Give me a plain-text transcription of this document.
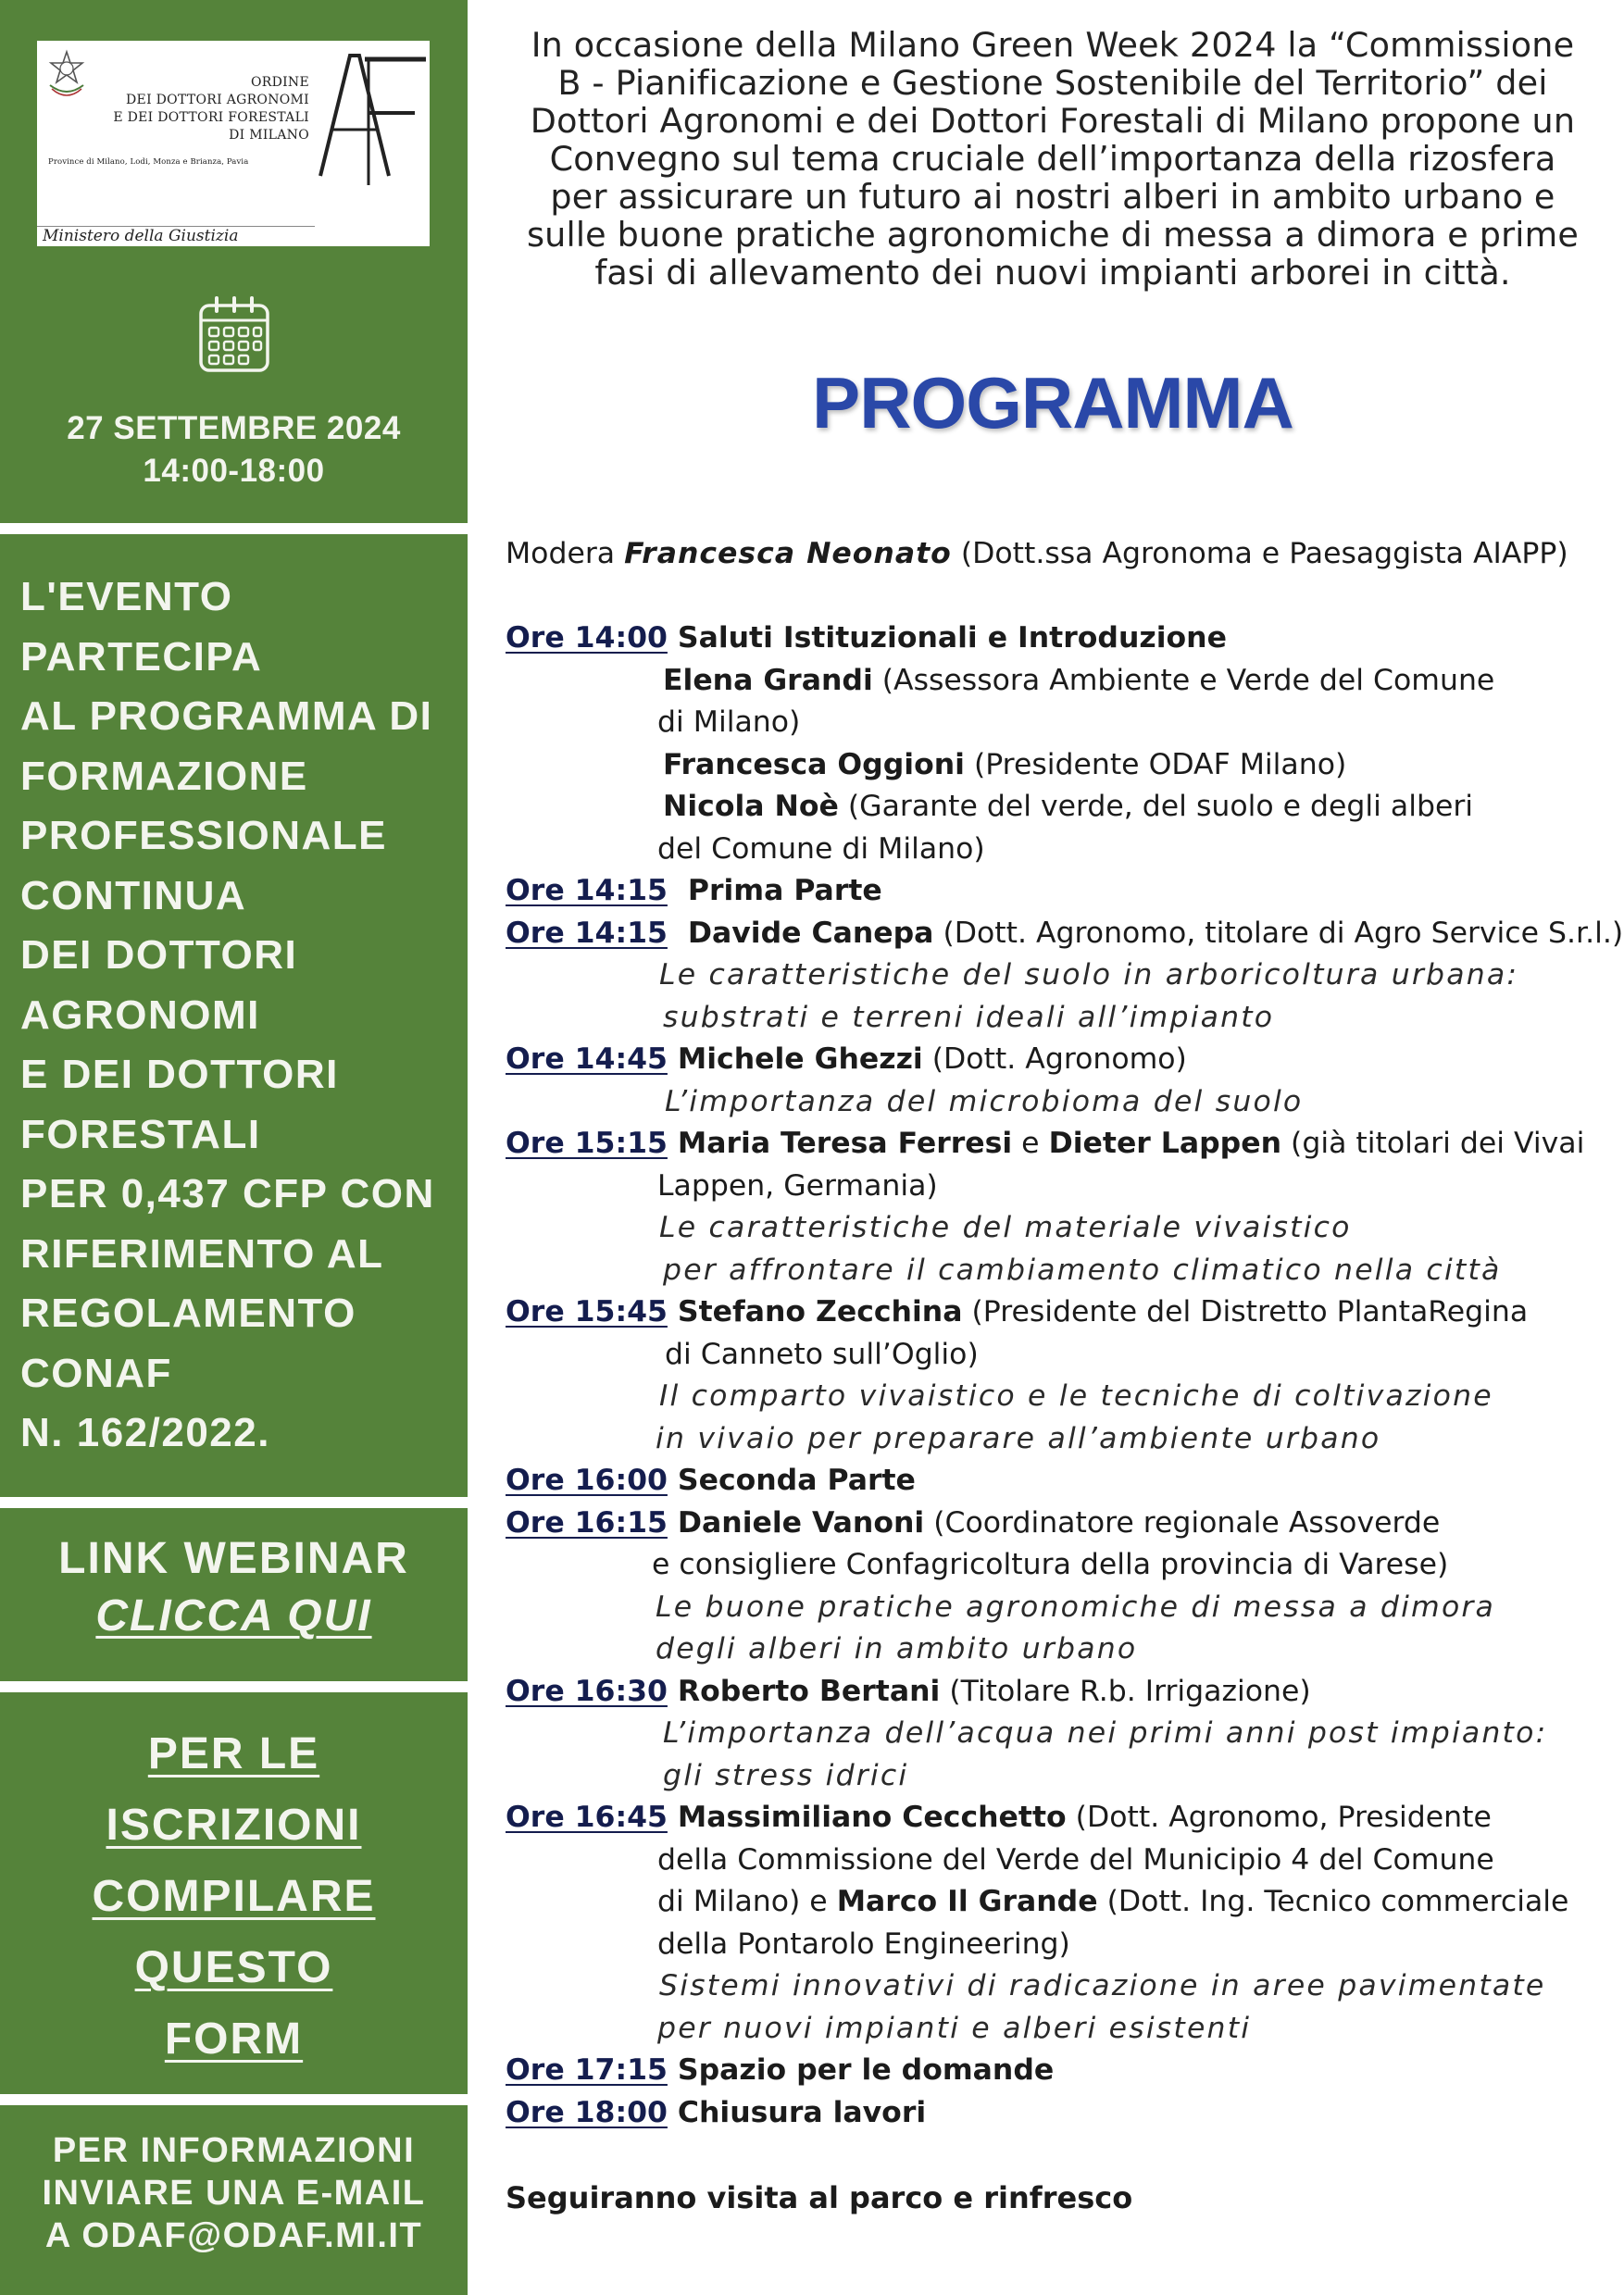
ORDINE
DEI DOTTORI AGRONOMI
E DEI DOTTORI FORESTALI
DI MILANO
Province di Milano, Lodi, Monza e Brianza, Pavia
Ministero della Giustizia
27 SETTEMBRE 2024
14:00-18:00
L'EVENTO
PARTECIPA
AL PROGRAMMA DI
FORMAZIONE
PROFESSIONALE
CONTINUA
DEI DOTTORI
AGRONOMI
E DEI DOTTORI
FORESTALI
PER 0,437 CFP CON
RIFERIMENTO AL
REGOLAMENTO
CONAF
N. 162/2022.
LINK WEBINAR
CLICCA QUI
PER LE
ISCRIZIONI
COMPILARE
QUESTO
FORM
PER INFORMAZIONI
INVIARE UNA E-MAIL
A ODAF@ODAF.MI.IT
In occasione della Milano Green Week 2024 la “Commissione
B - Pianificazione e Gestione Sostenibile del Territorio” dei
Dottori Agronomi e dei Dottori Forestali di Milano propone un
Convegno sul tema cruciale dell’importanza della rizosfera
per assicurare un futuro ai nostri alberi in ambito urbano e
sulle buone pratiche agronomiche di messa a dimora e prime
fasi di allevamento dei nuovi impianti arborei in città.
PROGRAMMA
Modera Francesca Neonato (Dott.ssa Agronoma e Paesaggista AIAPP)
Ore 14:00 Saluti Istituzionali e Introduzione
Elena Grandi (Assessora Ambiente e Verde del Comune
di Milano)
Francesca Oggioni (Presidente ODAF Milano)
Nicola Noè (Garante del verde, del suolo e degli alberi
del Comune di Milano)
Ore 14:15  Prima Parte
Ore 14:15  Davide Canepa (Dott. Agronomo, titolare di Agro Service S.r.l.)
Le caratteristiche del suolo in arboricoltura urbana:
substrati e terreni ideali all’impianto
Ore 14:45 Michele Ghezzi (Dott. Agronomo)
L’importanza del microbioma del suolo
Ore 15:15 Maria Teresa Ferresi e Dieter Lappen (già titolari dei Vivai
Lappen, Germania)
Le caratteristiche del materiale vivaistico
per affrontare il cambiamento climatico nella città
Ore 15:45 Stefano Zecchina (Presidente del Distretto PlantaRegina
di Canneto sull’Oglio)
Il comparto vivaistico e le tecniche di coltivazione
in vivaio per preparare all’ambiente urbano
Ore 16:00 Seconda Parte
Ore 16:15 Daniele Vanoni (Coordinatore regionale Assoverde
e consigliere Confagricoltura della provincia di Varese)
Le buone pratiche agronomiche di messa a dimora
degli alberi in ambito urbano
Ore 16:30 Roberto Bertani (Titolare R.b. Irrigazione)
L’importanza dell’acqua nei primi anni post impianto:
gli stress idrici
Ore 16:45 Massimiliano Cecchetto (Dott. Agronomo, Presidente
della Commissione del Verde del Municipio 4 del Comune
di Milano) e Marco Il Grande (Dott. Ing. Tecnico commerciale
della Pontarolo Engineering)
Sistemi innovativi di radicazione in aree pavimentate
per nuovi impianti e alberi esistenti
Ore 17:15 Spazio per le domande
Ore 18:00 Chiusura lavori
Seguiranno visita al parco e rinfresco
